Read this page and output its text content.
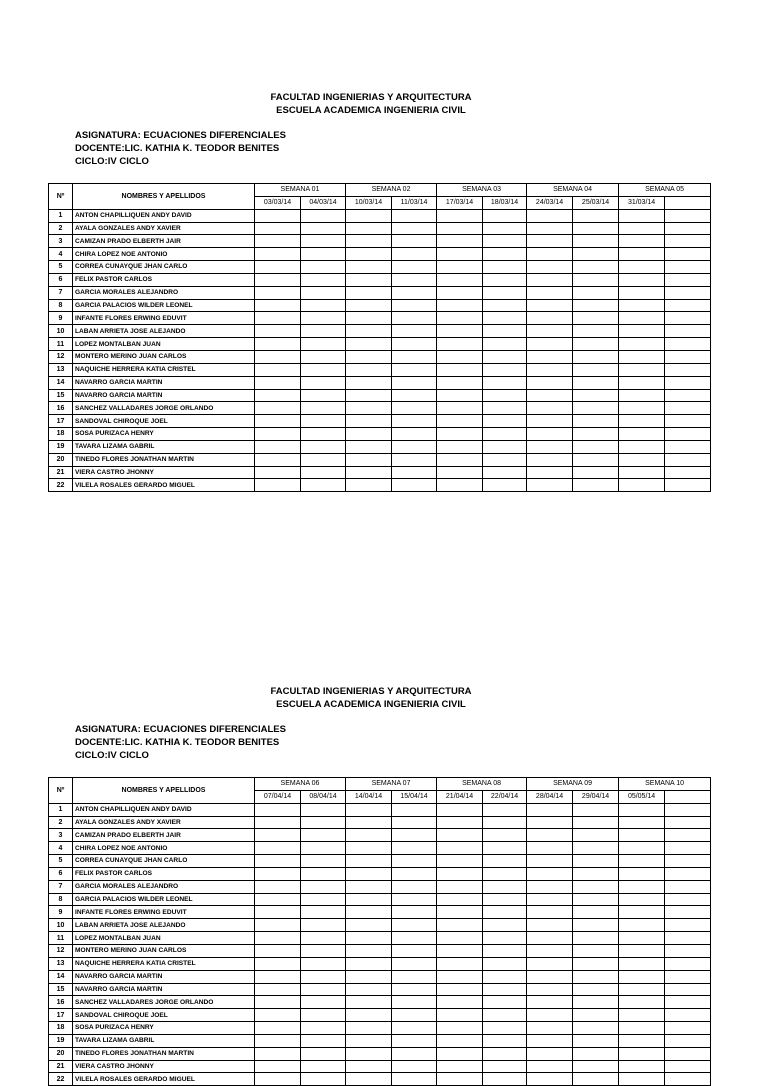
FACULTAD INGENIERIAS Y ARQUITECTURA
ESCUELA ACADEMICA INGENIERIA CIVIL
ASIGNATURA: ECUACIONES DIFERENCIALES
DOCENTE:LIC. KATHIA K. TEODOR BENITES
CICLO:IV CICLO
Nº	NOMBRES Y APELLIDOS	SEMANA 01		SEMANA 02		SEMANA 03		SEMANA 04		SEMANA 05	
		03/03/14	04/03/14	10/03/14	11/03/14	17/03/14	18/03/14	24/03/14	25/03/14	31/03/14	
1	ANTON CHAPILLIQUEN ANDY DAVID										
2	AYALA GONZALES ANDY XAVIER										
3	CAMIZAN PRADO ELBERTH JAIR										
4	CHIRA LOPEZ NOE ANTONIO										
5	CORREA CUNAYQUE JHAN CARLO										
6	FELIX PASTOR CARLOS										
7	GARCIA MORALES ALEJANDRO										
8	GARCIA PALACIOS WILDER LEONEL										
9	INFANTE FLORES ERWING EDUVIT										
10	LABAN ARRIETA JOSE ALEJANDO										
11	LOPEZ MONTALBAN JUAN										
12	MONTERO MERINO JUAN CARLOS										
13	NAQUICHE HERRERA KATIA CRISTEL										
14	NAVARRO GARCIA MARTIN										
15	NAVARRO GARCIA MARTIN										
16	SANCHEZ VALLADARES JORGE ORLANDO										
17	SANDOVAL CHIROQUE JOEL										
18	SOSA PURIZACA HENRY										
19	TAVARA LIZAMA GABRIL										
20	TINEDO FLORES JONATHAN MARTIN										
21	VIERA CASTRO JHONNY										
22	VILELA ROSALES GERARDO MIGUEL										
FACULTAD INGENIERIAS Y ARQUITECTURA
ESCUELA ACADEMICA INGENIERIA CIVIL
ASIGNATURA: ECUACIONES DIFERENCIALES
DOCENTE:LIC. KATHIA K. TEODOR BENITES
CICLO:IV CICLO
Nº	NOMBRES Y APELLIDOS	SEMANA 06		SEMANA 07		SEMANA 08		SEMANA 09		SEMANA 10	
		07/04/14	08/04/14	14/04/14	15/04/14	21/04/14	22/04/14	28/04/14	29/04/14	05/05/14	
1	ANTON CHAPILLIQUEN ANDY DAVID										
2	AYALA GONZALES ANDY XAVIER										
3	CAMIZAN PRADO ELBERTH JAIR										
4	CHIRA LOPEZ NOE ANTONIO										
5	CORREA CUNAYQUE JHAN CARLO										
6	FELIX PASTOR CARLOS										
7	GARCIA MORALES ALEJANDRO										
8	GARCIA PALACIOS WILDER LEONEL										
9	INFANTE FLORES ERWING EDUVIT										
10	LABAN ARRIETA JOSE ALEJANDO										
11	LOPEZ MONTALBAN JUAN										
12	MONTERO MERINO JUAN CARLOS										
13	NAQUICHE HERRERA KATIA CRISTEL										
14	NAVARRO GARCIA MARTIN										
15	NAVARRO GARCIA MARTIN										
16	SANCHEZ VALLADARES JORGE ORLANDO										
17	SANDOVAL CHIROQUE JOEL										
18	SOSA PURIZACA HENRY										
19	TAVARA LIZAMA GABRIL										
20	TINEDO FLORES JONATHAN MARTIN										
21	VIERA CASTRO JHONNY										
22	VILELA ROSALES GERARDO MIGUEL										
